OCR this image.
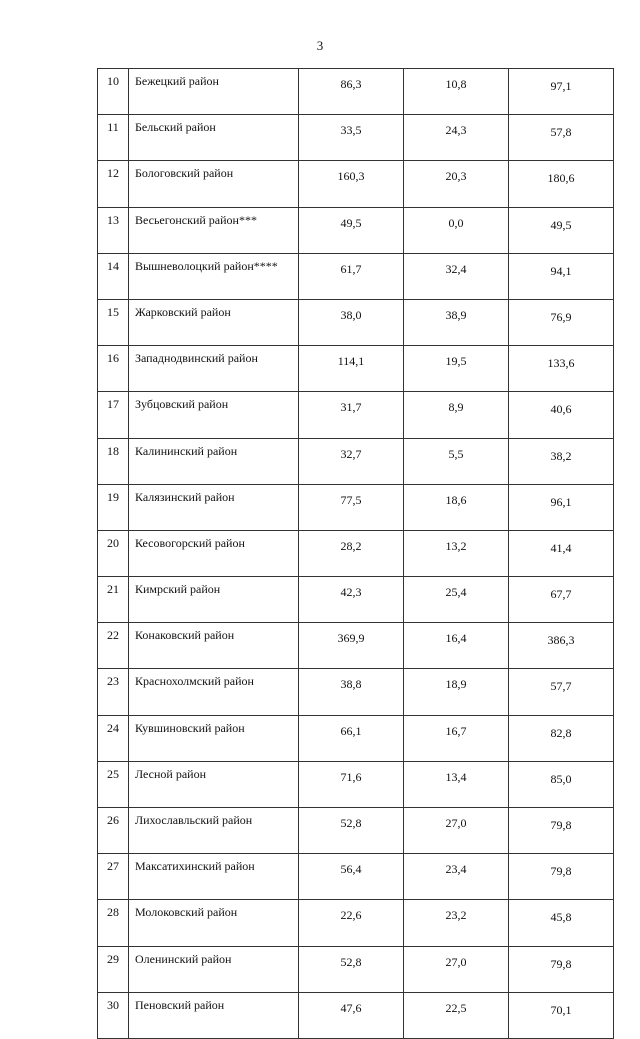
3
10	Бежецкий район	86,3	10,8	97,1
11	Бельский район	33,5	24,3	57,8
12	Бологовский район	160,3	20,3	180,6
13	Весьегонский район***	49,5	0,0	49,5
14	Вышневолоцкий район****	61,7	32,4	94,1
15	Жарковский район	38,0	38,9	76,9
16	Западнодвинский район	114,1	19,5	133,6
17	Зубцовский район	31,7	8,9	40,6
18	Калининский район	32,7	5,5	38,2
19	Калязинский район	77,5	18,6	96,1
20	Кесовогорский район	28,2	13,2	41,4
21	Кимрский район	42,3	25,4	67,7
22	Конаковский район	369,9	16,4	386,3
23	Краснохолмский район	38,8	18,9	57,7
24	Кувшиновский район	66,1	16,7	82,8
25	Лесной район	71,6	13,4	85,0
26	Лихославльский район	52,8	27,0	79,8
27	Максатихинский район	56,4	23,4	79,8
28	Молоковский район	22,6	23,2	45,8
29	Оленинский район	52,8	27,0	79,8
30	Пеновский район	47,6	22,5	70,1
